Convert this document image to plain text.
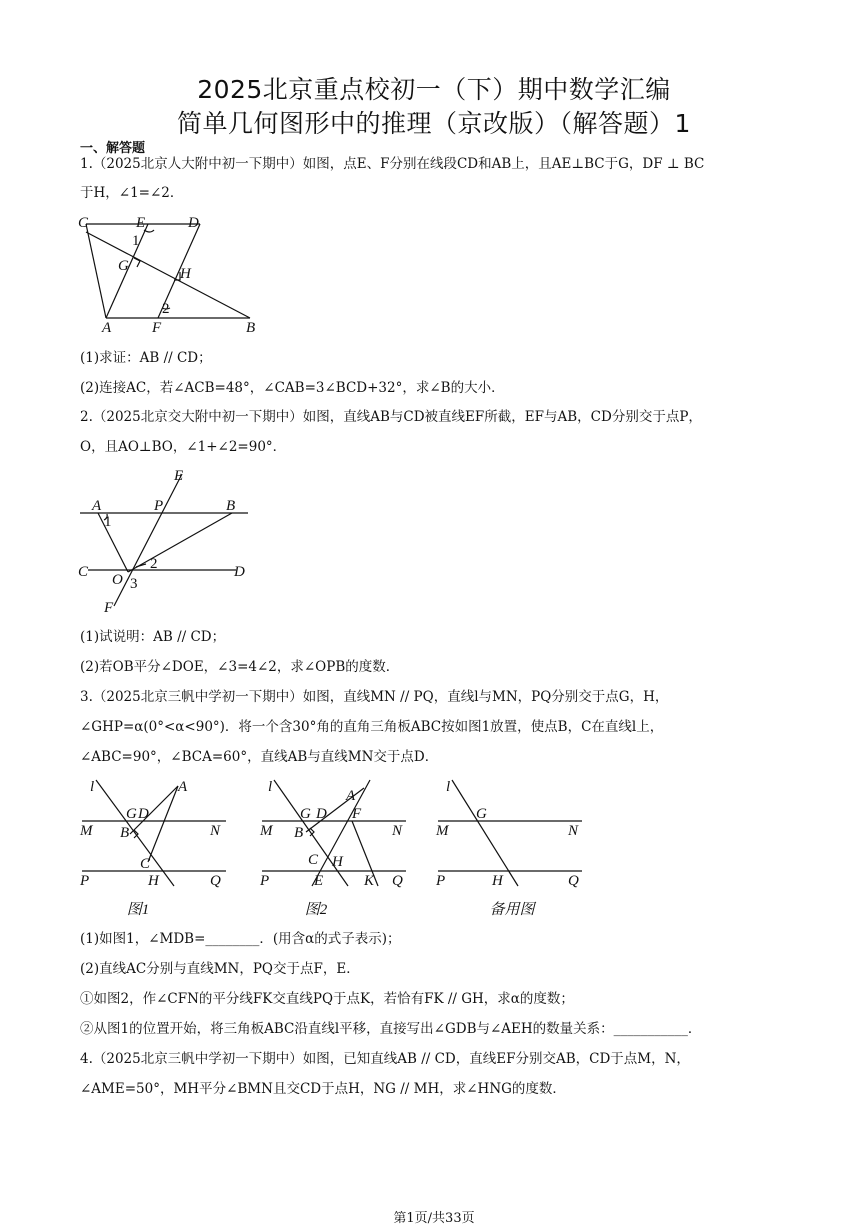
2025北京重点校初一（下）期中数学汇编
简单几何图形中的推理（京改版）（解答题）1
一、解答题
1.（2025北京人大附中初一下期中）如图，点E、F分别在线段CD和AB上，且AE⊥BC于G，DF ⊥ BC
于H，∠1=∠2．
C	E	D
1
G	H
2
A	F	B
(1)求证：AB // CD；
(2)连接AC，若∠ACB=48°，∠CAB=3∠BCD+32°，求∠B的大小．
2.（2025北京交大附中初一下期中）如图，直线AB与CD被直线EF所截，EF与AB，CD分别交于点P，
O，且AO⊥BO，∠1+∠2=90°．
E
A	P	B
1
C O
2
3
D
F
(1)试说明：AB // CD；
(2)若OB平分∠DOE，∠3=4∠2，求∠OPB的度数．
3.（2025北京三帆中学初一下期中）如图，直线MN // PQ，直线l与MN，PQ分别交于点G，H，
∠GHP=α(0°<α<90°)．将一个含30°角的直角三角板ABC按如图1放置，使点B，C在直线l上，
∠ABC=90°，∠BCA=60°，直线AB与直线MN交于点D．
l	A
G D
B
M	N
C
P	H	Q
图1
l
A
G D F
B
M	N
C H
P	E	K Q
图2
l
G
M	N
P	H	Q
备用图
(1)如图1，∠MDB=________．(用含α的式子表示)；
(2)直线AC分别与直线MN，PQ交于点F，E．
①如图2，作∠CFN的平分线FK交直线PQ于点K，若恰有FK // GH，求α的度数；
②从图1的位置开始，将三角板ABC沿直线l平移，直接写出∠GDB与∠AEH的数量关系：___________．
4.（2025北京三帆中学初一下期中）如图，已知直线AB // CD，直线EF分别交AB，CD于点M，N，
∠AME=50°，MH平分∠BMN且交CD于点H，NG // MH，求∠HNG的度数．
第1页/共33页
